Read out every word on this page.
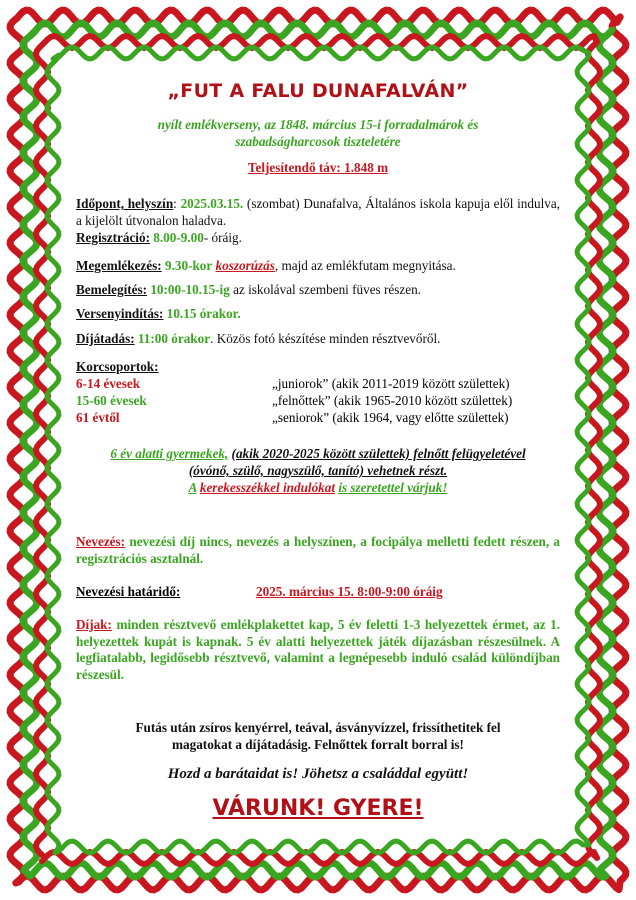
„FUT A FALU DUNAFALVÁN”
nyílt emlékverseny, az 1848. március 15-i forradalmárok és
szabadságharcosok tiszteletére
Teljesítendő táv: 1.848 m
Időpont, helyszín: 2025.03.15. (szombat) Dunafalva, Általános iskola kapuja elől indulva, a kijelölt útvonalon haladva.
Regisztráció: 8.00-9.00- óráig.
Megemlékezés: 9.30-kor koszorúzás, majd az emlékfutam megnyitása.
Bemelegítés: 10:00-10.15-ig az iskolával szembeni füves részen.
Versenyindítás: 10.15 órakor.
Díjátadás: 11:00 órakor. Közös fotó készítése minden résztvevőről.
Korcsoportok:
6-14 évesek	„juniorok” (akik 2011-2019 között születtek)
15-60 évesek	„felnőttek” (akik 1965-2010 között születtek)
61 évtől	„seniorok” (akik 1964, vagy előtte születtek)
6 év alatti gyermekek, (akik 2020-2025 között születtek) felnőtt felügyeletével
(óvónő, szülő, nagyszülő, tanító) vehetnek részt.
A kerekesszékkel indulókat is szeretettel várjuk!
Nevezés: nevezési díj nincs, nevezés a helyszínen, a focipálya melletti fedett részen, a regisztrációs asztalnál.
Nevezési határidő:	2025. március 15. 8:00-9:00 óráig
Díjak: minden résztvevő emlékplakettet kap, 5 év feletti 1-3 helyezettek érmet, az 1. helyezettek kupát is kapnak. 5 év alatti helyezettek játék díjazásban részesülnek. A legfiatalabb, legidősebb résztvevő, valamint a legnépesebb induló család különdíjban részesül.
Futás után zsíros kenyérrel, teával, ásványvízzel, frissíthetitek fel
magatokat a díjátadásig. Felnőttek forralt borral is!
Hozd a barátaidat is! Jöhetsz a családdal együtt!
VÁRUNK! GYERE!
